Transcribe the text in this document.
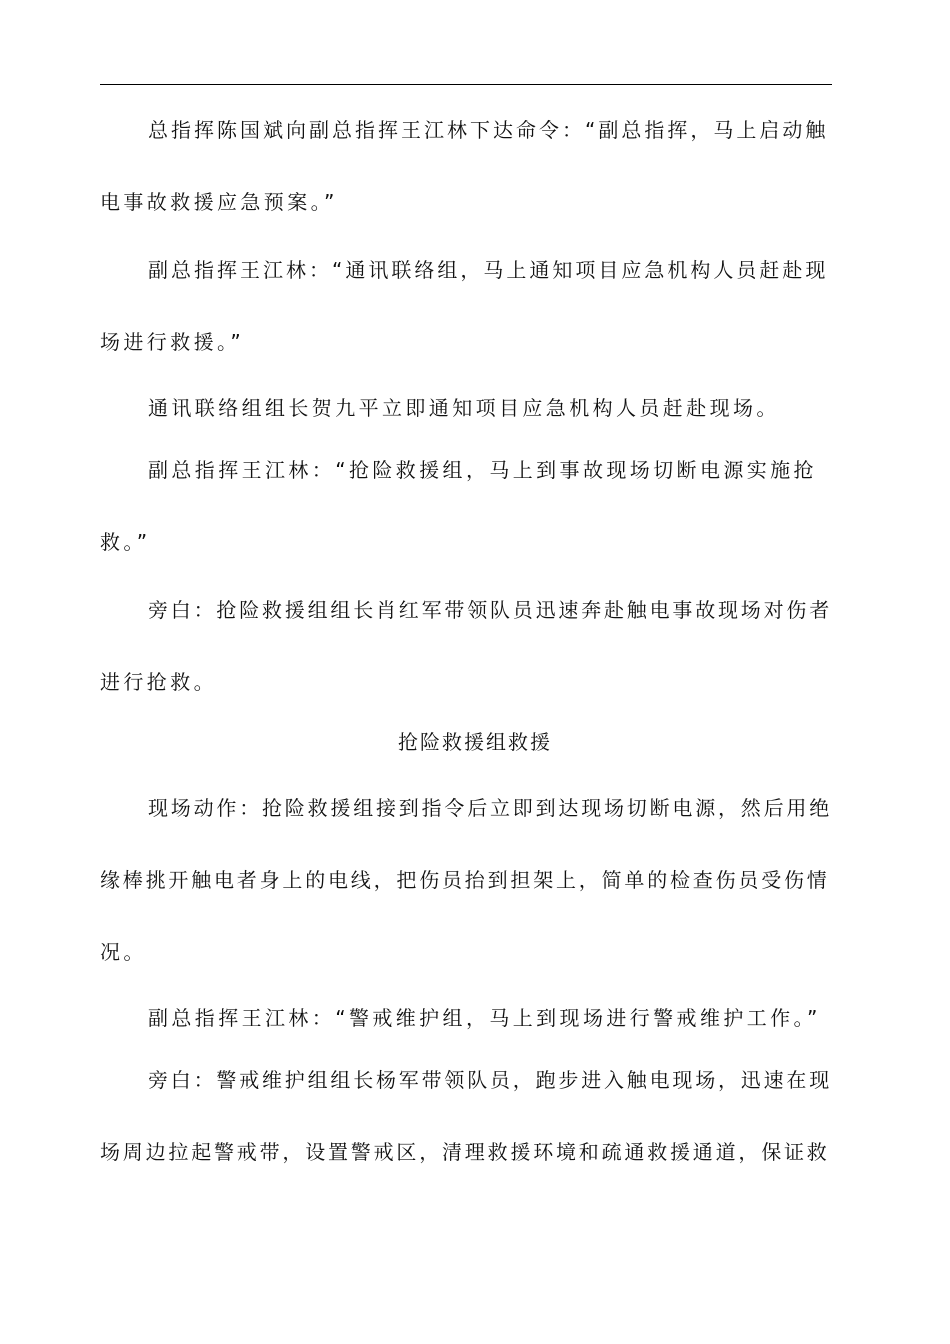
总指挥陈国斌向副总指挥王江林下达命令：“副总指挥，马上启动触
电事故救援应急预案。”
副总指挥王江林：“通讯联络组，马上通知项目应急机构人员赶赴现
场进行救援。”
通讯联络组组长贺九平立即通知项目应急机构人员赶赴现场。
副总指挥王江林：“抢险救援组，马上到事故现场切断电源实施抢
救。”
旁白：抢险救援组组长肖红军带领队员迅速奔赴触电事故现场对伤者
进行抢救。
抢险救援组救援
现场动作：抢险救援组接到指令后立即到达现场切断电源，然后用绝
缘棒挑开触电者身上的电线，把伤员抬到担架上，简单的检查伤员受伤情
况。
副总指挥王江林：“警戒维护组，马上到现场进行警戒维护工作。”
旁白：警戒维护组组长杨军带领队员，跑步进入触电现场，迅速在现
场周边拉起警戒带，设置警戒区，清理救援环境和疏通救援通道，保证救
